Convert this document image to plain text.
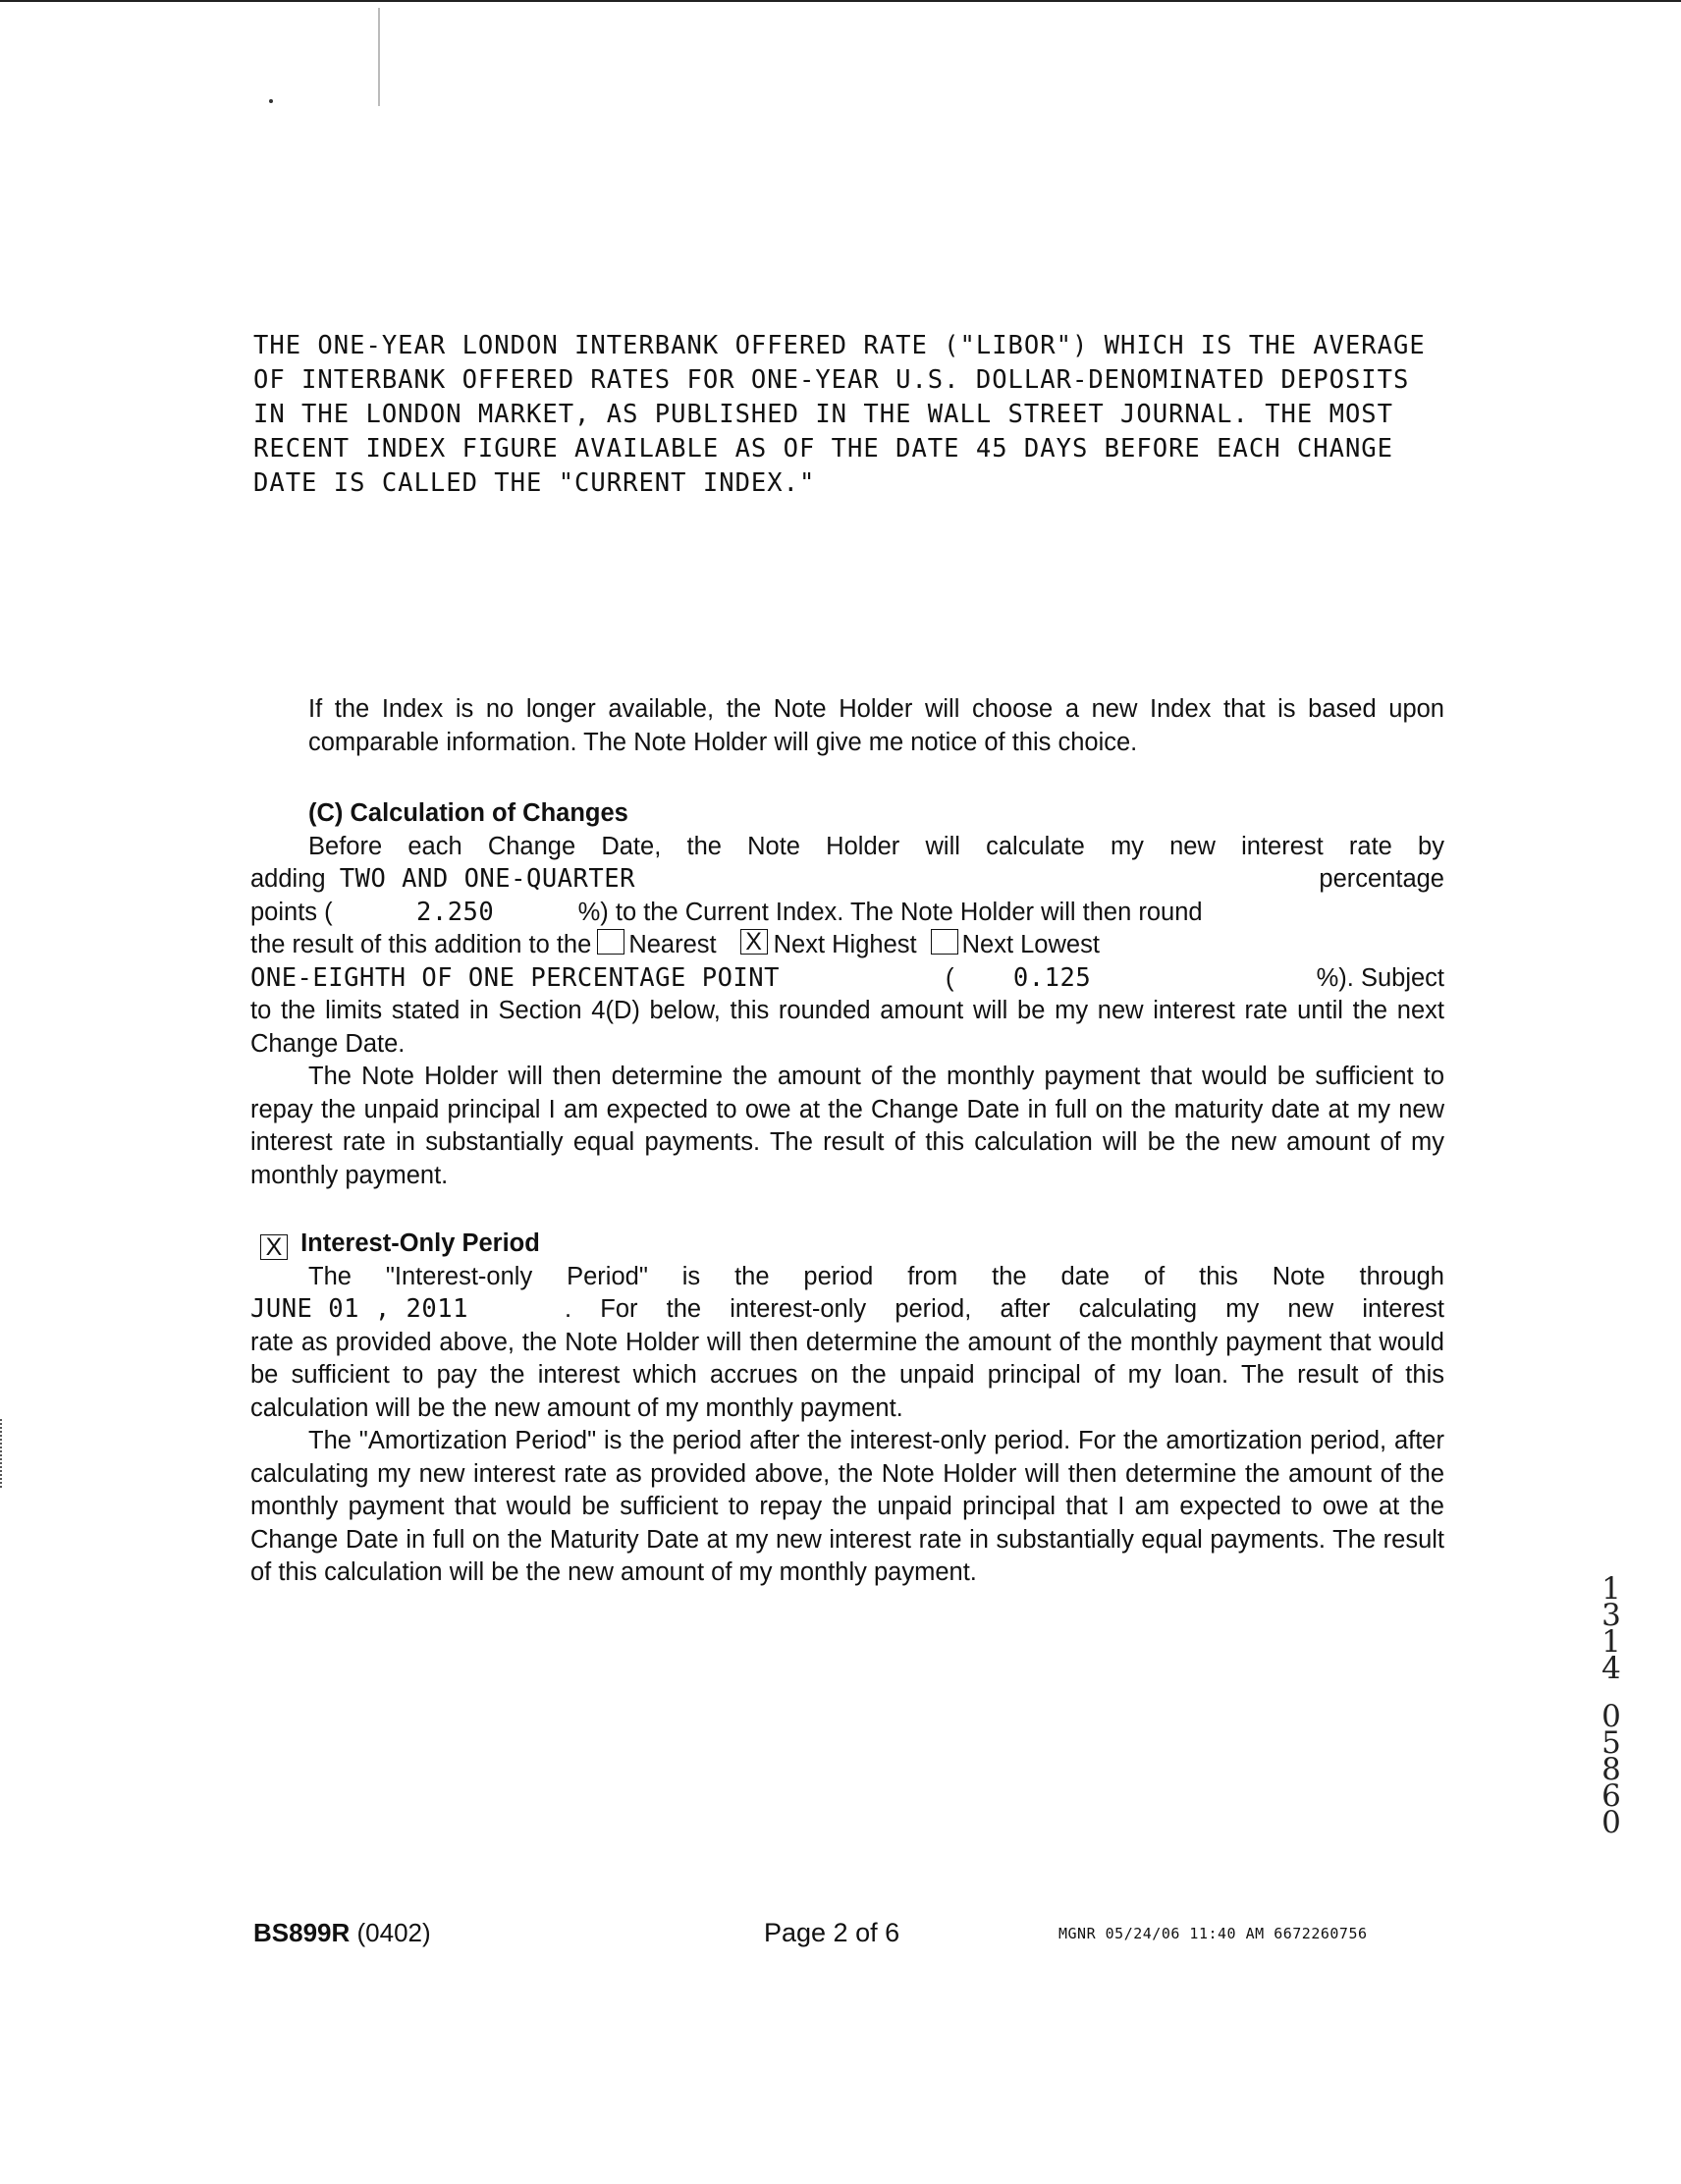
THE ONE-YEAR LONDON INTERBANK OFFERED RATE ("LIBOR") WHICH IS THE AVERAGE
OF INTERBANK OFFERED RATES FOR ONE-YEAR U.S. DOLLAR-DENOMINATED DEPOSITS
IN THE LONDON MARKET, AS PUBLISHED IN THE WALL STREET JOURNAL. THE MOST
RECENT INDEX FIGURE AVAILABLE AS OF THE DATE 45 DAYS BEFORE EACH CHANGE
DATE IS CALLED THE "CURRENT INDEX."
If the Index is no longer available, the Note Holder will choose a new Index that is based upon comparable information. The Note Holder will give me notice of this choice.
(C) Calculation of Changes
Before each Change Date, the Note Holder will calculate my new interest rate by
adding TWO AND ONE-QUARTER	percentage
points (	2.250	%) to the Current Index. The Note Holder will then round
the result of this addition to the Nearest X Next Highest Next Lowest
ONE-EIGHTH OF ONE PERCENTAGE POINT	( 0.125	%). Subject
to the limits stated in Section 4(D) below, this rounded amount will be my new interest rate until the next Change Date.
The Note Holder will then determine the amount of the monthly payment that would be sufficient to repay the unpaid principal I am expected to owe at the Change Date in full on the maturity date at my new interest rate in substantially equal payments. The result of this calculation will be the new amount of my monthly payment.
X Interest-Only Period
The "Interest-only Period" is the period from the date of this Note through
JUNE 01 , 2011	. For the interest-only period, after calculating my new interest
rate as provided above, the Note Holder will then determine the amount of the monthly payment that would be sufficient to pay the interest which accrues on the unpaid principal of my loan. The result of this calculation will be the new amount of my monthly payment.
The "Amortization Period" is the period after the interest-only period. For the amortization period, after calculating my new interest rate as provided above, the Note Holder will then determine the amount of the monthly payment that would be sufficient to repay the unpaid principal that I am expected to owe at the Change Date in full on the Maturity Date at my new interest rate in substantially equal payments. The result of this calculation will be the new amount of my monthly payment.
BS899R (0402)	Page 2 of 6	MGNR 05/24/06 11:40 AM 6672260756
1
3
1
4
0
5
8
6
0
